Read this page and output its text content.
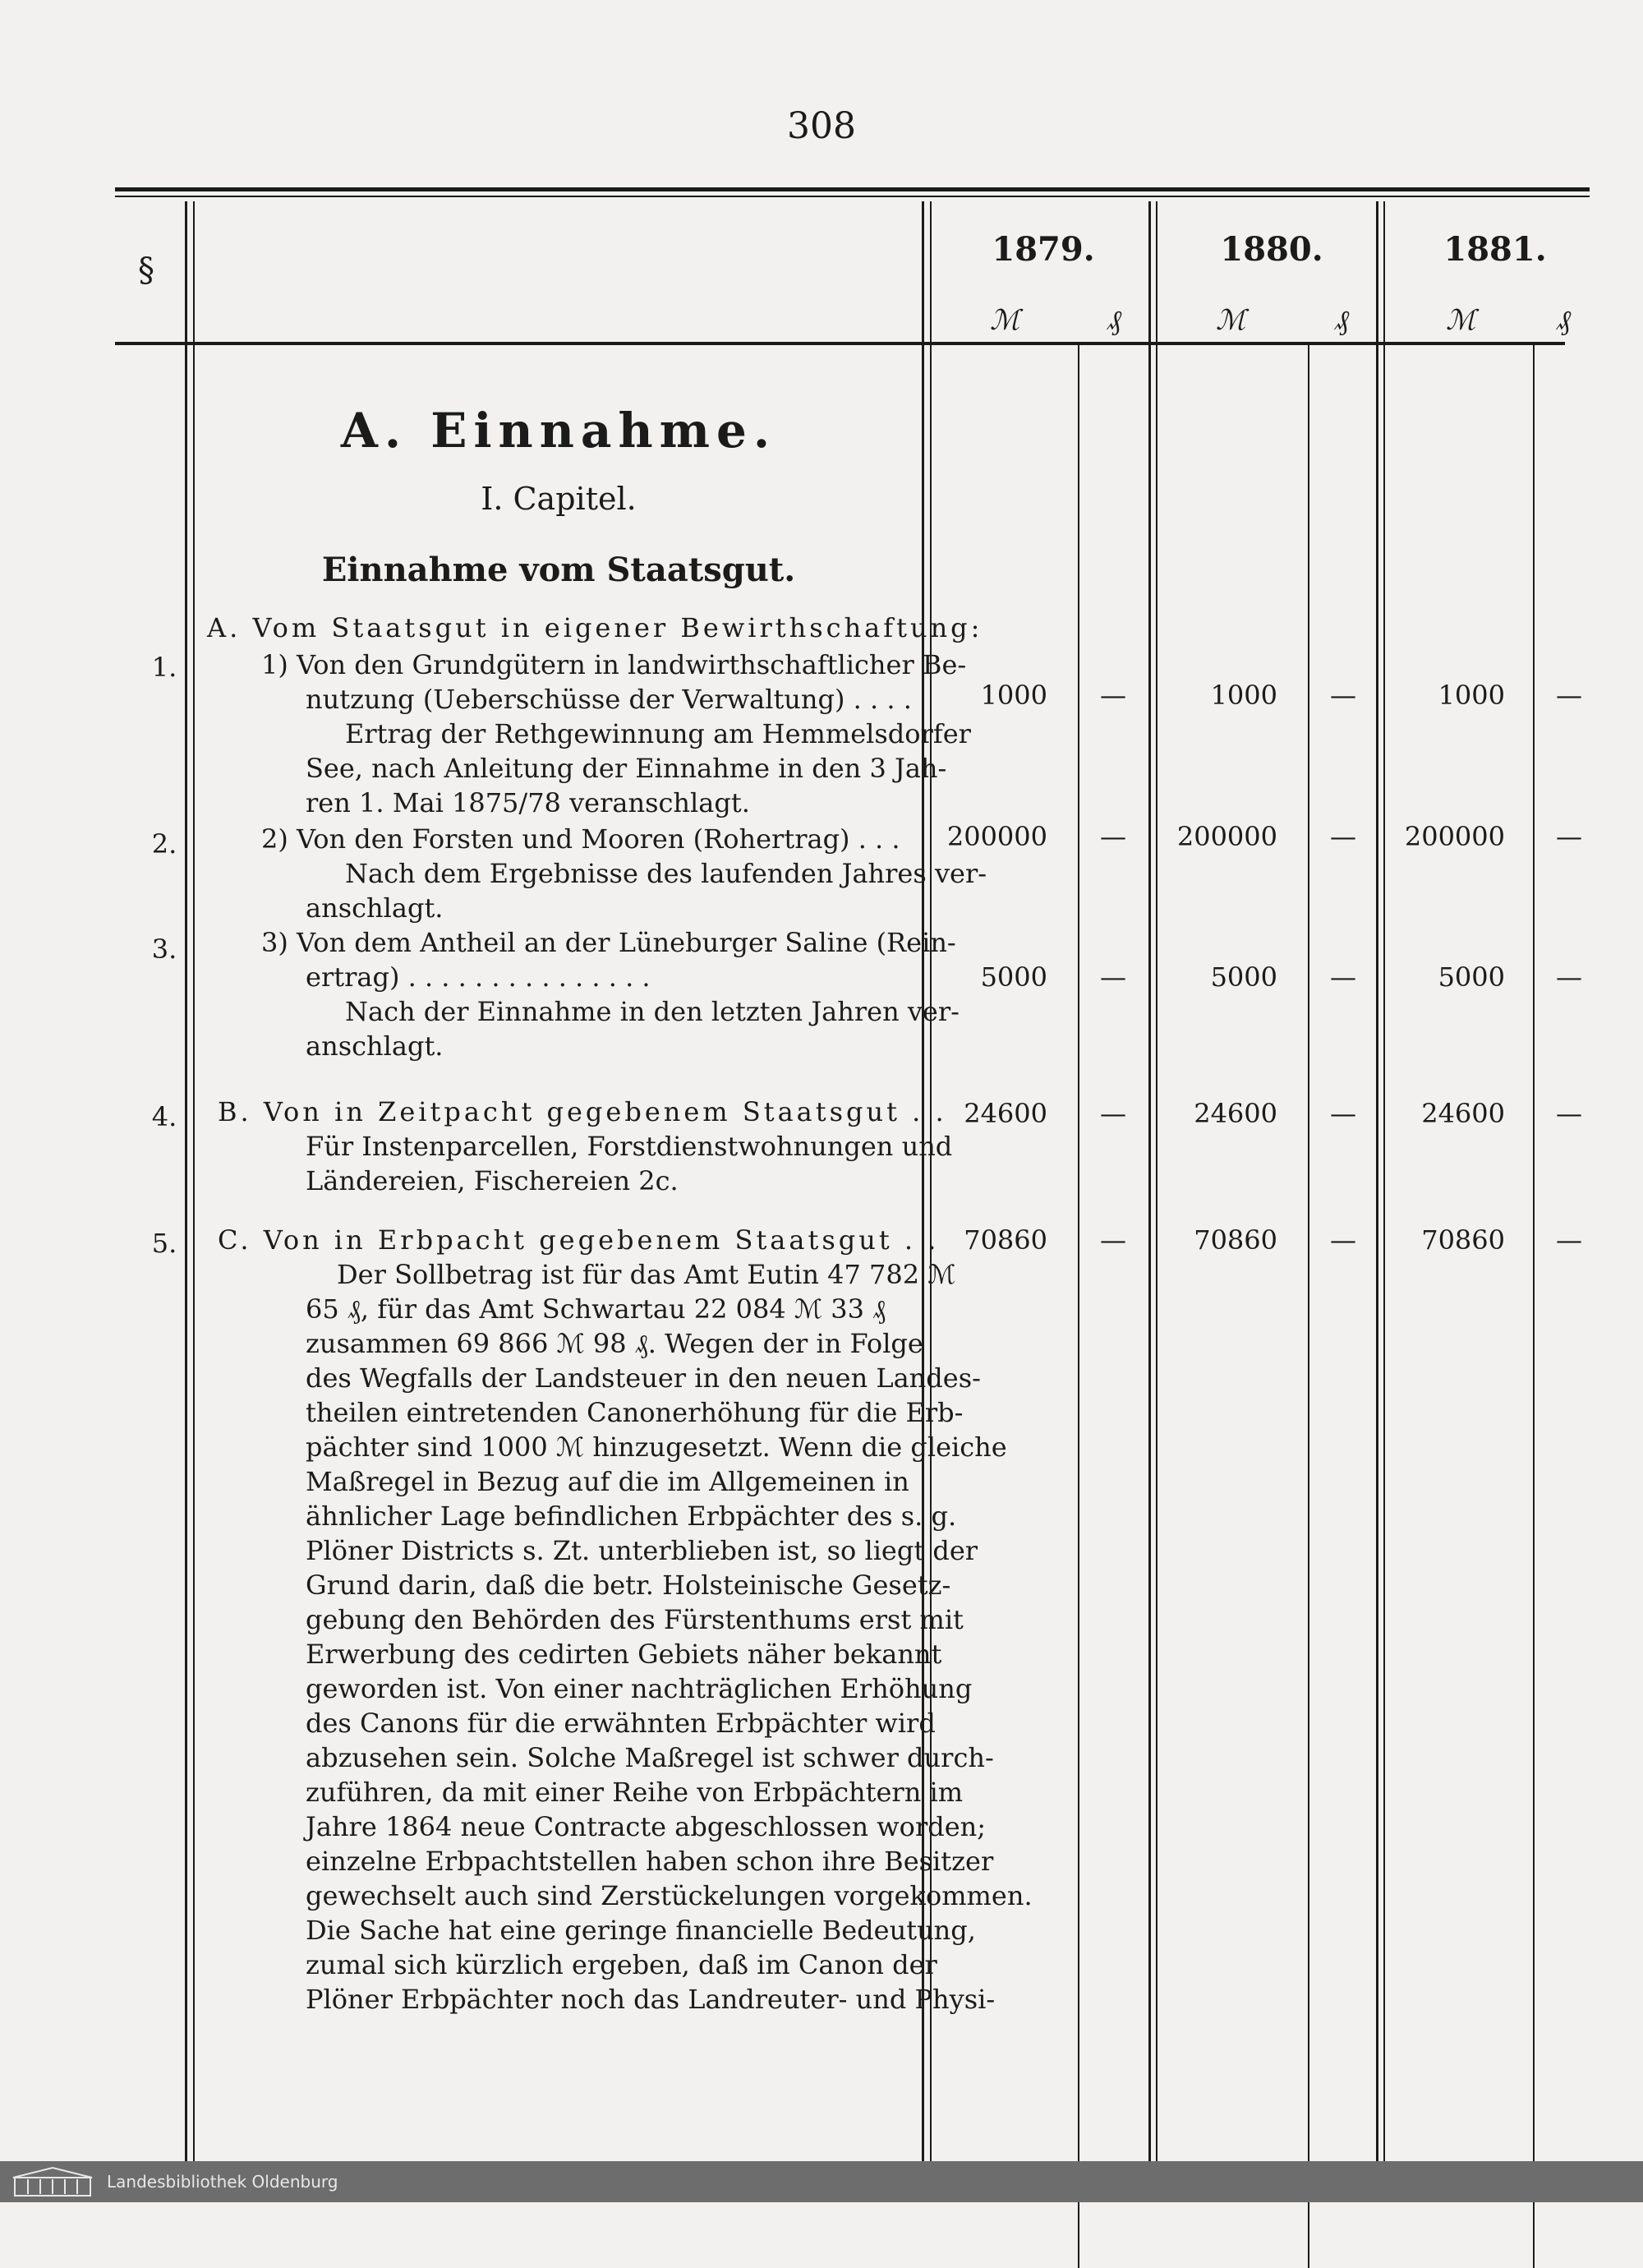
308
§
1879.	1880.	1881.
ℳ	₰	ℳ	₰	ℳ	₰
A. Einnahme.
I. Capitel.
Einnahme vom Staatsgut.
A. Vom Staatsgut in eigener Bewirthschaftung:
1.	1) Von den Grundgütern in landwirthschaftlicher Be-
nutzung (Ueberschüsse der Verwaltung) . . . .
Ertrag der Rethgewinnung am Hemmelsdorfer
See, nach Anleitung der Einnahme in den 3 Jah-
ren 1. Mai 1875/78 veranschlagt.
1000	—	1000	—	1000	—
2.	2) Von den Forsten und Mooren (Rohertrag) . . .
Nach dem Ergebnisse des laufenden Jahres ver-
anschlagt.
200000	—	200000	—	200000	—
3.	3) Von dem Antheil an der Lüneburger Saline (Rein-
ertrag) . . . . . . . . . . . . . . .
Nach der Einnahme in den letzten Jahren ver-
anschlagt.
5000	—	5000	—	5000	—
4.	B. Von in Zeitpacht gegebenem Staatsgut . .
Für Instenparcellen, Forstdienstwohnungen und
Ländereien, Fischereien 2c.
24600	—	24600	—	24600	—
5.	C. Von in Erbpacht gegebenem Staatsgut . .
Der Sollbetrag ist für das Amt Eutin 47 782 ℳ
65 ₰, für das Amt Schwartau 22 084 ℳ 33 ₰
zusammen 69 866 ℳ 98 ₰. Wegen der in Folge
des Wegfalls der Landsteuer in den neuen Landes-
theilen eintretenden Canonerhöhung für die Erb-
pächter sind 1000 ℳ hinzugesetzt. Wenn die gleiche
Maßregel in Bezug auf die im Allgemeinen in
ähnlicher Lage befindlichen Erbpächter des s. g.
Plöner Districts s. Zt. unterblieben ist, so liegt der
Grund darin, daß die betr. Holsteinische Gesetz-
gebung den Behörden des Fürstenthums erst mit
Erwerbung des cedirten Gebiets näher bekannt
geworden ist. Von einer nachträglichen Erhöhung
des Canons für die erwähnten Erbpächter wird
abzusehen sein. Solche Maßregel ist schwer durch-
zuführen, da mit einer Reihe von Erbpächtern im
Jahre 1864 neue Contracte abgeschlossen worden;
einzelne Erbpachtstellen haben schon ihre Besitzer
gewechselt auch sind Zerstückelungen vorgekommen.
Die Sache hat eine geringe financielle Bedeutung,
zumal sich kürzlich ergeben, daß im Canon der
Plöner Erbpächter noch das Landreuter- und Physi-
70860	—	70860	—	70860	—
Landesbibliothek Oldenburg
